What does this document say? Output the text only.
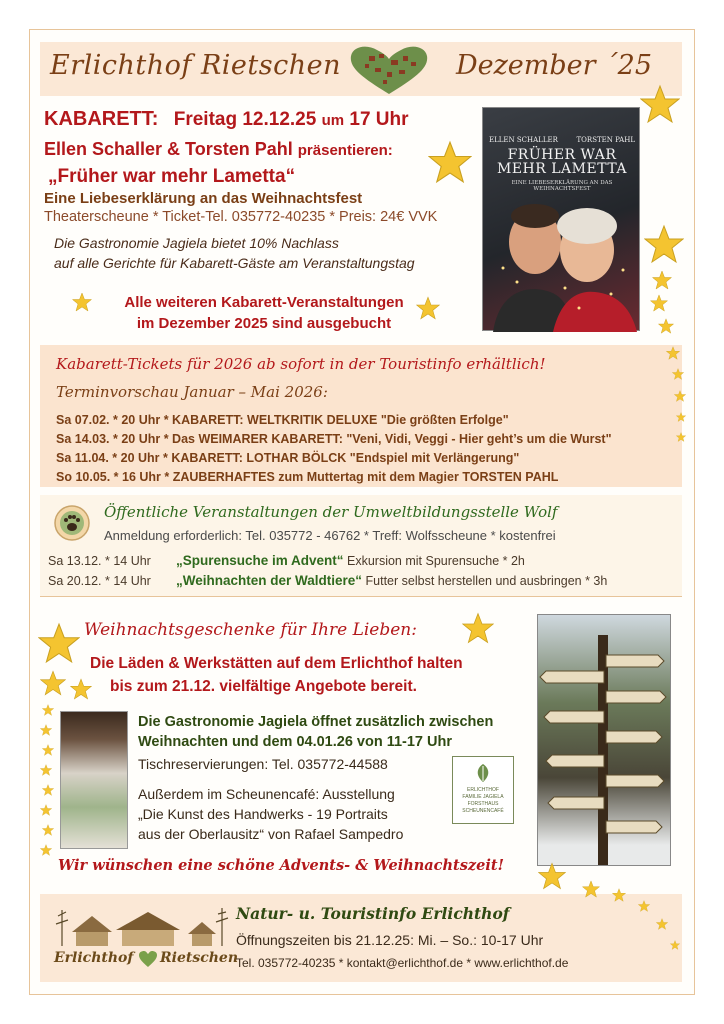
Erlichthof Rietschen	Dezember ´25
KABARETT: Freitag 12.12.25 um 17 Uhr
Ellen Schaller & Torsten Pahl präsentieren:
„Früher war mehr Lametta“
Eine Liebeserklärung an das Weihnachtsfest
Theaterscheune * Ticket-Tel. 035772-40235 * Preis: 24€ VVK
Die Gastronomie Jagiela bietet 10% Nachlass
auf alle Gerichte für Kabarett-Gäste am Veranstaltungstag
Alle weiteren Kabarett-Veranstaltungen
im Dezember 2025 sind ausgebucht
ELLEN SCHALLER	TORSTEN PAHL
FRÜHER WAR
MEHR LAMETTA
EINE LIEBESERKLÄRUNG AN DAS WEIHNACHTSFEST
Kabarett-Tickets für 2026 ab sofort in der Touristinfo erhältlich!
Terminvorschau Januar – Mai 2026:
Sa 07.02. * 20 Uhr * KABARETT: WELTKRITIK DELUXE "Die größten Erfolge"
Sa 14.03. * 20 Uhr * Das WEIMARER KABARETT: "Veni, Vidi, Veggi - Hier geht’s um die Wurst"
Sa 11.04. * 20 Uhr * KABARETT: LOTHAR BÖLCK "Endspiel mit Verlängerung"
So 10.05. * 16 Uhr * ZAUBERHAFTES zum Muttertag mit dem Magier TORSTEN PAHL
Öffentliche Veranstaltungen der Umweltbildungsstelle Wolf
Anmeldung erforderlich: Tel. 035772 - 46762 * Treff: Wolfsscheune * kostenfrei
Sa 13.12. * 14 Uhr „Spurensuche im Advent“ Exkursion mit Spurensuche * 2h
Sa 20.12. * 14 Uhr „Weihnachten der Waldtiere“ Futter selbst herstellen und ausbringen * 3h
Weihnachtsgeschenke für Ihre Lieben:
Die Läden & Werkstätten auf dem Erlichthof halten
bis zum 21.12. vielfältige Angebote bereit.
Die Gastronomie Jagiela öffnet zusätzlich zwischen
Weihnachten und dem 04.01.26 von 11-17 Uhr
Tischreservierungen: Tel. 035772-44588
Außerdem im Scheunencafé: Ausstellung
„Die Kunst des Handwerks - 19 Portraits
aus der Oberlausitz“ von Rafael Sampedro
ERLICHTHOF
FAMILIE JAGIELA
FORSTHAUS
SCHEUNENCAFÉ
Wir wünschen eine schöne Advents- & Weihnachtszeit!
Erlichthof Rietschen
Natur- u. Touristinfo Erlichthof
Öffnungszeiten bis 21.12.25: Mi. – So.: 10-17 Uhr
Tel. 035772-40235 * kontakt@erlichthof.de * www.erlichthof.de
